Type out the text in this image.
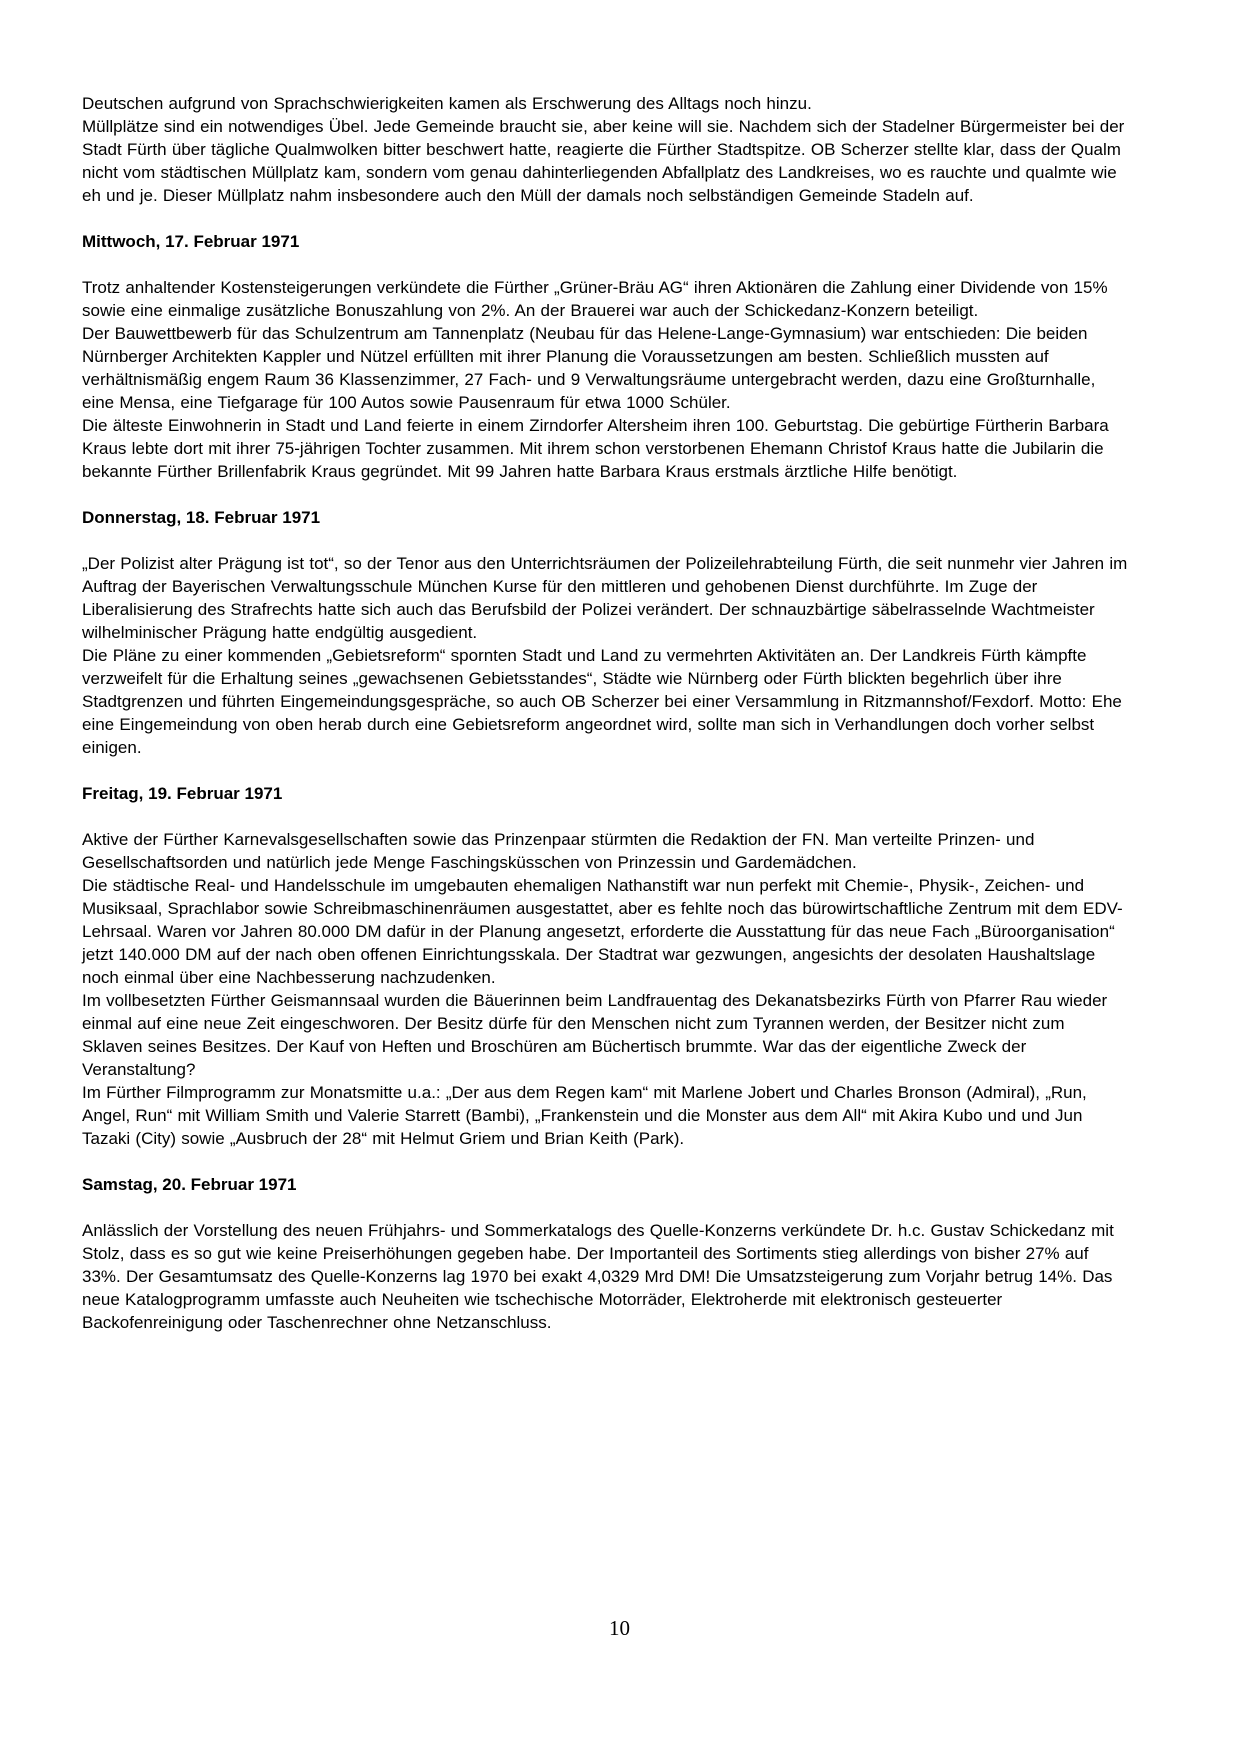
Deutschen aufgrund von Sprachschwierigkeiten kamen als Erschwerung des Alltags noch hinzu.

Müllplätze sind ein notwendiges Übel. Jede Gemeinde braucht sie, aber keine will sie. Nachdem sich der Stadelner Bürgermeister bei der Stadt Fürth über tägliche Qualmwolken bitter beschwert hatte, reagierte die Fürther Stadtspitze. OB Scherzer stellte klar, dass der Qualm nicht vom städtischen Müllplatz kam, sondern vom genau dahinterliegenden Abfallplatz des Landkreises, wo es rauchte und qualmte wie eh und je. Dieser Müllplatz nahm insbesondere auch den Müll der damals noch selbständigen Gemeinde Stadeln auf.

Mittwoch, 17. Februar 1971

Trotz anhaltender Kostensteigerungen verkündete die Fürther „Grüner-Bräu AG“ ihren Aktionären die Zahlung einer Dividende von 15% sowie eine einmalige zusätzliche Bonuszahlung von 2%. An der Brauerei war auch der Schickedanz-Konzern beteiligt.

Der Bauwettbewerb für das Schulzentrum am Tannenplatz (Neubau für das Helene-Lange-Gymnasium) war entschieden: Die beiden Nürnberger Architekten Kappler und Nützel erfüllten mit ihrer Planung die Voraussetzungen am besten. Schließlich mussten auf verhältnismäßig engem Raum 36 Klassenzimmer, 27 Fach- und 9 Verwaltungsräume untergebracht werden, dazu eine Großturnhalle, eine Mensa, eine Tiefgarage für 100 Autos sowie Pausenraum für etwa 1000 Schüler.

Die älteste Einwohnerin in Stadt und Land feierte in einem Zirndorfer Altersheim ihren 100. Geburtstag. Die gebürtige Fürtherin Barbara Kraus lebte dort mit ihrer 75-jährigen Tochter zusammen. Mit ihrem schon verstorbenen Ehemann Christof Kraus hatte die Jubilarin die bekannte Fürther Brillenfabrik Kraus gegründet. Mit 99 Jahren hatte Barbara Kraus erstmals ärztliche Hilfe benötigt.

Donnerstag, 18. Februar 1971

„Der Polizist alter Prägung ist tot“, so der Tenor aus den Unterrichtsräumen der Polizeilehrabteilung Fürth, die seit nunmehr vier Jahren im Auftrag der Bayerischen Verwaltungsschule München Kurse für den mittleren und gehobenen Dienst durchführte. Im Zuge der Liberalisierung des Strafrechts hatte sich auch das Berufsbild der Polizei verändert. Der schnauzbärtige säbelrasselnde Wachtmeister wilhelminischer Prägung hatte endgültig ausgedient.

Die Pläne zu einer kommenden „Gebietsreform“ spornten Stadt und Land zu vermehrten Aktivitäten an. Der Landkreis Fürth kämpfte verzweifelt für die Erhaltung seines „gewachsenen Gebietsstandes“, Städte wie Nürnberg oder Fürth blickten begehrlich über ihre Stadtgrenzen und führten Eingemeindungsgespräche, so auch OB Scherzer bei einer Versammlung in Ritzmannshof/Fexdorf. Motto: Ehe eine Eingemeindung von oben herab durch eine Gebietsreform angeordnet wird, sollte man sich in Verhandlungen doch vorher selbst einigen.

Freitag, 19. Februar 1971

Aktive der Fürther Karnevalsgesellschaften sowie das Prinzenpaar stürmten die Redaktion der FN. Man verteilte Prinzen- und Gesellschaftsorden und natürlich jede Menge Faschingsküsschen von Prinzessin und Gardemädchen.

Die städtische Real- und Handelsschule im umgebauten ehemaligen Nathanstift war nun perfekt mit Chemie-, Physik-, Zeichen- und Musiksaal, Sprachlabor sowie Schreibmaschinenräumen ausgestattet, aber es fehlte noch das bürowirtschaftliche Zentrum mit dem EDV-Lehrsaal. Waren vor Jahren 80.000 DM dafür in der Planung angesetzt, erforderte die Ausstattung für das neue Fach „Büroorganisation“ jetzt 140.000 DM auf der nach oben offenen Einrichtungsskala. Der Stadtrat war gezwungen, angesichts der desolaten Haushaltslage noch einmal über eine Nachbesserung nachzudenken.

Im vollbesetzten Fürther Geismannsaal wurden die Bäuerinnen beim Landfrauentag des Dekanatsbezirks Fürth von Pfarrer Rau wieder einmal auf eine neue Zeit eingeschworen. Der Besitz dürfe für den Menschen nicht zum Tyrannen werden, der Besitzer nicht zum Sklaven seines Besitzes. Der Kauf von Heften und Broschüren am Büchertisch brummte. War das der eigentliche Zweck der Veranstaltung?

Im Fürther Filmprogramm zur Monatsmitte u.a.: „Der aus dem Regen kam“ mit Marlene Jobert und Charles Bronson (Admiral), „Run, Angel, Run“ mit William Smith und Valerie Starrett (Bambi), „Frankenstein und die Monster aus dem All“ mit Akira Kubo und und Jun Tazaki (City) sowie „Ausbruch der 28“ mit Helmut Griem und Brian Keith (Park).

Samstag, 20. Februar 1971

Anlässlich der Vorstellung des neuen Frühjahrs- und Sommerkatalogs des Quelle-Konzerns verkündete Dr. h.c. Gustav Schickedanz mit Stolz, dass es so gut wie keine Preiserhöhungen gegeben habe. Der Importanteil des Sortiments stieg allerdings von bisher 27% auf 33%. Der Gesamtumsatz des Quelle-Konzerns lag 1970 bei exakt 4,0329 Mrd DM! Die Umsatzsteigerung zum Vorjahr betrug 14%. Das neue Katalogprogramm umfasste auch Neuheiten wie tschechische Motorräder, Elektroherde mit elektronisch gesteuerter Backofenreinigung oder Taschenrechner ohne Netzanschluss.

10
